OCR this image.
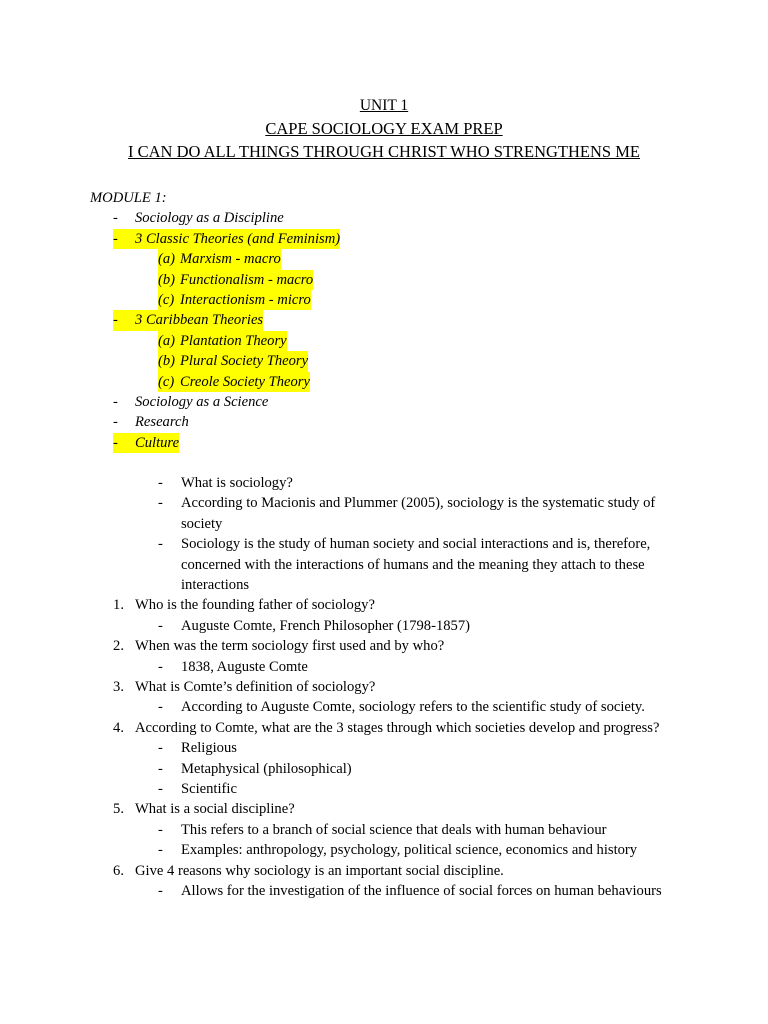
UNIT 1
CAPE SOCIOLOGY EXAM PREP
I CAN DO ALL THINGS THROUGH CHRIST WHO STRENGTHENS ME
MODULE 1:
- Sociology as a Discipline
-	3 Classic Theories (and Feminism)
(a) Marxism - macro
(b) Functionalism - macro
(c) Interactionism - micro
-	3 Caribbean Theories
(a) Plantation Theory
(b) Plural Society Theory
(c) Creole Society Theory
- Sociology as a Science
- Research
-	Culture
- What is sociology?
- According to Macionis and Plummer (2005), sociology is the systematic study of
society
- Sociology is the study of human society and social interactions and is, therefore,
concerned with the interactions of humans and the meaning they attach to these
interactions
1. Who is the founding father of sociology?
- Auguste Comte, French Philosopher (1798-1857)
2. When was the term sociology first used and by who?
- 1838, Auguste Comte
3. What is Comte’s definition of sociology?
- According to Auguste Comte, sociology refers to the scientific study of society.
4. According to Comte, what are the 3 stages through which societies develop and progress?
- Religious
- Metaphysical (philosophical)
- Scientific
5. What is a social discipline?
- This refers to a branch of social science that deals with human behaviour
- Examples: anthropology, psychology, political science, economics and history
6. Give 4 reasons why sociology is an important social discipline.
- Allows for the investigation of the influence of social forces on human behaviours
